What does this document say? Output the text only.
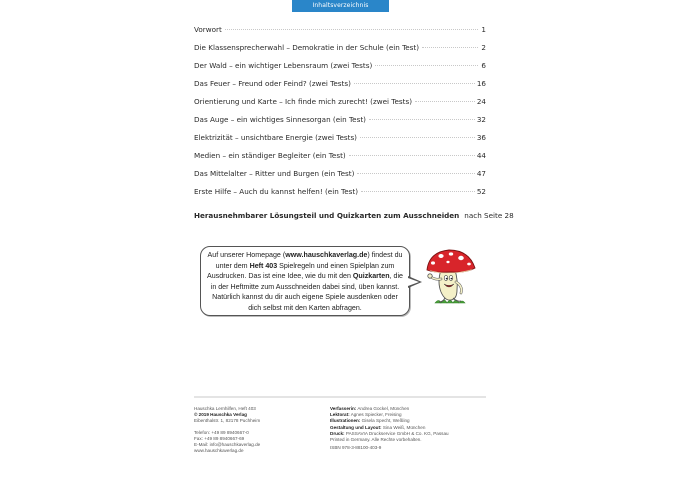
Inhaltsverzeichnis
Vorwort	1
Die Klassensprecherwahl – Demokratie in der Schule (ein Test)	2
Der Wald – ein wichtiger Lebensraum (zwei Tests)	6
Das Feuer – Freund oder Feind? (zwei Tests)	16
Orientierung und Karte – Ich finde mich zurecht! (zwei Tests)	24
Das Auge – ein wichtiges Sinnesorgan (ein Test)	32
Elektrizität – unsichtbare Energie (zwei Tests)	36
Medien – ein ständiger Begleiter (ein Test)	44
Das Mittelalter – Ritter und Burgen (ein Test)	47
Erste Hilfe – Auch du kannst helfen! (ein Test)	52
Herausnehmbarer Lösungsteil und Quizkarten zum Ausschneiden nach Seite 28
Auf unserer Homepage (www.hauschkaverlag.de) findest du unter dem Heft 403 Spielregeln und einen Spielplan zum Ausdrucken. Das ist eine Idee, wie du mit den Quizkarten, die in der Heftmitte zum Ausschneiden dabei sind, üben kannst. Natürlich kannst du dir auch eigene Spiele ausdenken oder dich selbst mit den Karten abfragen.
Hauschka Lernhilfen, Heft 403
© 2019 Hauschka Verlag
Eibenthalstr. 1, 82178 Puchheim
Telefon: +49 89 8940667-0
Fax: +49 89 8940667-69
E-Mail: info@hauschkaverlag.de
www.hauschkaverlag.de
Verfasserin: Andrea Gockel, München
Lektorat: Agnes Spiecker, Freising
Illustrationen: Gisela Specht, Weßling
Gestaltung und Layout: Sina Weiß, München
Druck: PASSAVIA Druckservice GmbH & Co. KG, Passau
Printed in Germany. Alle Rechte vorbehalten.
ISBN 978-3-88100-403-9
